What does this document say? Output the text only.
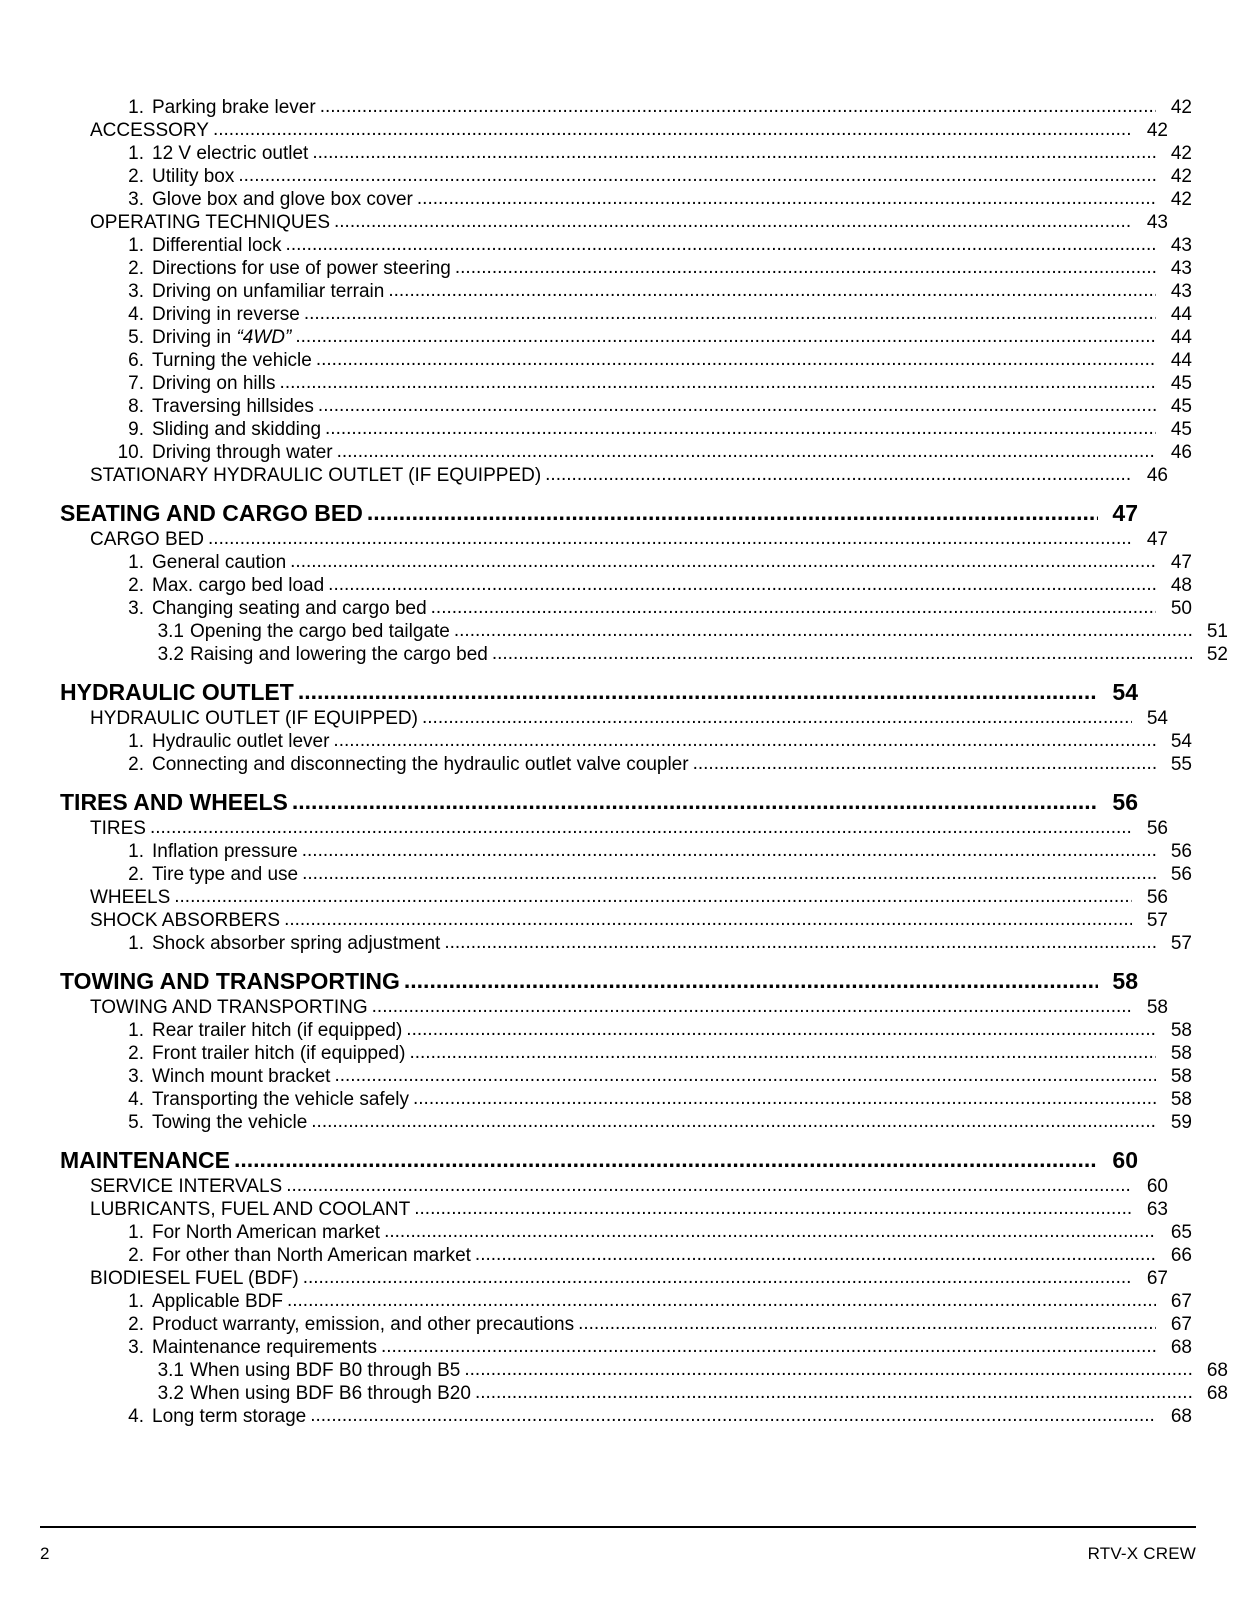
1. Parking brake lever .....	42
ACCESSORY .....	42
1. 12 V electric outlet .....	42
2. Utility box .....	42
3. Glove box and glove box cover .....	42
OPERATING TECHNIQUES .....	43
1. Differential lock .....	43
2. Directions for use of power steering .....	43
3. Driving on unfamiliar terrain .....	43
4. Driving in reverse .....	44
5. Driving in “4WD” .....	44
6. Turning the vehicle .....	44
7. Driving on hills .....	45
8. Traversing hillsides .....	45
9. Sliding and skidding .....	45
10. Driving through water .....	46
STATIONARY HYDRAULIC OUTLET (IF EQUIPPED) .....	46
SEATING AND CARGO BED .....	47
CARGO BED .....	47
1. General caution .....	47
2. Max. cargo bed load .....	48
3. Changing seating and cargo bed .....	50
3.1 Opening the cargo bed tailgate .....	51
3.2 Raising and lowering the cargo bed .....	52
HYDRAULIC OUTLET .....	54
HYDRAULIC OUTLET (IF EQUIPPED) .....	54
1. Hydraulic outlet lever .....	54
2. Connecting and disconnecting the hydraulic outlet valve coupler .....	55
TIRES AND WHEELS .....	56
TIRES .....	56
1. Inflation pressure .....	56
2. Tire type and use .....	56
WHEELS .....	56
SHOCK ABSORBERS .....	57
1. Shock absorber spring adjustment .....	57
TOWING AND TRANSPORTING .....	58
TOWING AND TRANSPORTING .....	58
1. Rear trailer hitch (if equipped) .....	58
2. Front trailer hitch (if equipped) .....	58
3. Winch mount bracket .....	58
4. Transporting the vehicle safely .....	58
5. Towing the vehicle .....	59
MAINTENANCE .....	60
SERVICE INTERVALS .....	60
LUBRICANTS, FUEL AND COOLANT .....	63
1. For North American market .....	65
2. For other than North American market .....	66
BIODIESEL FUEL (BDF) .....	67
1. Applicable BDF .....	67
2. Product warranty, emission, and other precautions .....	67
3. Maintenance requirements .....	68
3.1 When using BDF B0 through B5 .....	68
3.2 When using BDF B6 through B20 .....	68
4. Long term storage .....	68
2	RTV-X CREW
